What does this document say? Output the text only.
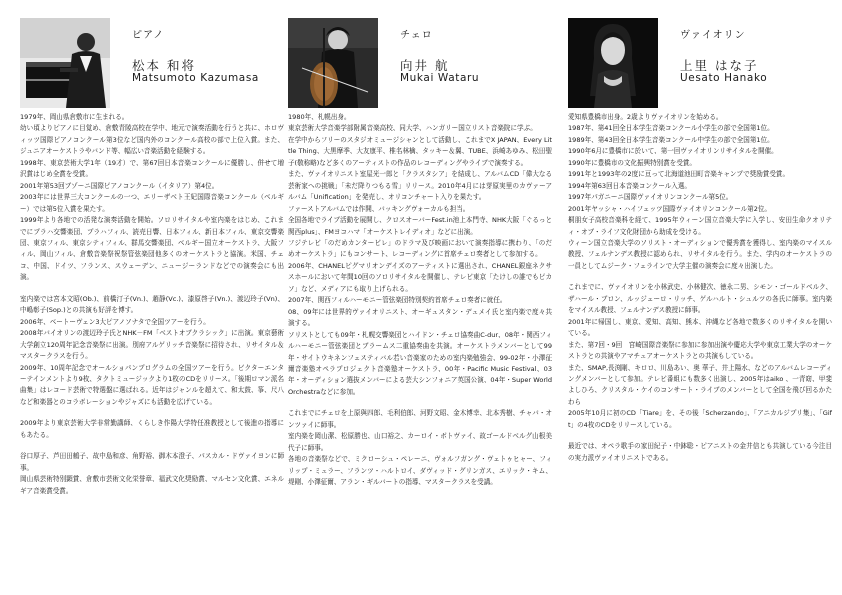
ピアノ
松本 和将
Matsumoto Kazumasa

1979年、岡山県倉敷市に生まれる。

幼い頃よりピアノに目覚め、倉敷青陵高校在学中、地元で演奏活動を行うと共に、ホロヴィッツ国際ピアノコンクール第3位など国内外のコンクール高校の部で上位入賞。また、ジュニアオーケストラやバンド等、幅広い音楽活動を経験する。

1998年、東京芸術大学1年（19才）で、第67回日本音楽コンクールに優勝し、併せて増沢賞はじめ全賞を受賞。

2001年第53回ブゾーニ国際ピアノコンクール（イタリア）第4位。

2003年には世界三大コンクールの一つ、エリーザベト王妃国際音楽コンクール（ベルギー）では第5位入賞を果たす。

1999年より各地での活発な演奏活動を開始。ソロリサイタルや室内楽をはじめ、これまでにプラハ交響楽団、プラハフィル、読売日響、日本フィル、新日本フィル、東京交響楽団、東京フィル、東京シティフィル、群馬交響楽団、ベルギー国立オーケストラ、大阪フィル、岡山フィル、倉敷音楽祭祝祭管弦楽団他多くのオーケストラと協演。米国、チェコ、中国、ドイツ、フランス、スウェーデン、ニュージーランドなどでの演奏会にも出演。

室内楽では宮本文昭(Ob.)、前橋汀子(Vn.)、趙静(Vc.)、漆原啓子(Vn.)、渡辺玲子(Vn)、中嶋彰子(Sop.)との共演も好評を博す。

2006年、ベートーヴェン3大ピアノソナタで全国ツアーを行う。

2008年バイオリンの渡辺玲子氏とNHK－FM「ベストオブクラシック」に出演。東京藝術大学創立120周年記念音楽祭に出演。別府アルゲリッチ音楽祭に招待され、リサイタル＆マスタークラスを行う。

2009年、10周年記念でオールショパンプログラムの全国ツアーを行う。ビクターエンターテインメントより9枚、タクトミュージックより1枚のCDをリリース。「後期ロマン派名曲集」はレコード芸術で特選盤に選ばれる。近年はジャンルを超えて、和太鼓、筝、尺八など和楽器とのコラボレーションやジャズにも活動を広げている。

2009年より東京芸術大学非常勤講師、くらしき作陽大学特任准教授として後進の指導にもあたる。

谷口厚子、芦田田鶴子、故中島和彦、角野裕、御木本澄子、パスカル・ドヴァイヨンに師事。

岡山県芸術特別顕賞、倉敷市芸術文化栄誉章、福武文化奨励賞、マルセン文化賞、エネルギア音楽賞受賞。

チェロ
向井 航
Mukai Wataru

1980年、札幌出身。

東京芸術大学音楽学部附属音楽高校、同大学、ハンガリー国立リスト音楽院に学ぶ。

在学中からフリーのスタジオミュージシャンとして活動し、これまでX JAPAN、Every Little Thing、大黒摩季、大友康平、椎名林檎、タッキー＆翼、TUBE、浜崎あゆみ、松田聖子(敬称略)など多くのアーティストの作品のレコーディングやライブで演奏する。

また、ヴァイオリニスト室屋光一郎と「クラスタシア」を結成し、アルバムCD「偉大なる芸術家への挑戦」「未だ降りつもる雪」リリース。2010年4月には芽原実里のカヴァーアルバム「Unification」を発売し、オリコンチャート入りを果たす。

ファーストアルバムでは作開、バッキングヴォーカルも担当。

全国各地でライブ活動を展開し、クロスオーバーFest.in池上本門寺、NHK大阪「ぐるっと関西plus」、FMヨコハマ「オーケストレイディオ」などに出演。

フジテレビ「のだめカンタービレ」のドラマ及び映画において演奏指導に携わり、「のだめオーケストラ」にもコンサート、レコーディングに首席チェロ奏者として参加する。

2006年、CHANELピグマリオンデイズのアーティストに選出され、CHANEL銀座ネクサスホールにおいて年間10回のソロリサイタルを開催し、テレビ東京「たけしの誰でもピカソ」など、メディアにも取り上げられる。

2007年、関西フィルハーモニー管弦楽団特別契約首席チェロ奏者に就任。

08、09年には世界的ヴァイオリニスト、オーギュスタン・デュメイ氏と室内楽で度々共演する。

ソリストとしても09年・札幌交響楽団とハイドン・チェロ協奏曲C-dur、08年・関西フィルハーモニー管弦楽団とブラームス二重協奏曲を共演。オーケストラメンバーとして99年・サイトウキネンフェスティバル若い音楽家のための室内楽勉強会、99-02年・小澤征爾音楽塾オペラプロジェクト音楽塾オーケストラ、00年・Pacific Music Festival、03年・オーディション選抜メンバーによる芸大シンフォニア英国公演、04年・Super World Orchestraなどに参加。

これまでにチェロを上原與四郎、毛利伯郎、河野文昭、金木博幸、北本秀樹、チャバ・オンツァイに師事。

室内楽を岡山潔、松原勝也、山口裕之、カーロイ・ボトヴァイ、故ゴールドベルグ山根美代子に師事。

各地の音楽祭などで、ミクローシュ・ペレーニ、ヴォルフガング・ヴェトゥヒャー、フィリップ・ミュラー、フランツ・ハルトロイ、ダヴィッド・グリンガス、エリック・キム、堤剛、小澤征爾、アラン・ギルバートの指導、マスタークラスを受講。

ヴァイオリン
上里 はな子
Uesato Hanako

愛知県豊橋市出身。2歳よりヴァイオリンを始める。

1987年、第41回全日本学生音楽コンクール小学生の部で全国第1位。

1989年、第43回全日本学生音楽コンクール中学生の部で全国第1位。

1990年6月に豊橋市に於いて、第一回ヴァイオリンリサイタルを開催。

1990年に豊橋市の文化振興特別賞を受賞。

1991年と1993年の2度に亘って北海道池田町音楽キャンプで奨励賞受賞。

1994年第63回日本音楽コンクール入選。

1997年パガニーニ国際ヴァイオリンコンクール第5位。

2001年ヤッシャ・ハイフェッツ国際ヴァイオリンコンクール第2位。

桐朋女子高校音楽科を経て、1995年ウィーン国立音楽大学に入学し、安田生命クオリティ・オブ・ライフ文化財団から助成を受ける。

ウィーン国立音楽大学のソリスト・オーディションで優秀賞を獲得し、室内楽のマイスル教授、フェルナンデス教授に認められ、リサイタルを行う。また、学内のオーケストラの一員としてムジーク・フェラインで大学主催の演奏会に度々出演した。

これまでに、ヴァイオリンを小林武史、小林健次、徳永二男、シモン・ゴールドベルク、ザハール・ブロン、ルッジェーロ・リッチ、ゲルハルト・シュルツの各氏に師事。室内楽をマイスル教授、フェルナンデス教授に師事。

2001年に帰国し、東京、愛知、高知、熊本、沖縄など各地で数多くのリサイタルを開いている。

また、第7回・9回　宮崎国際音楽祭に参加に参加出演や慶応大学や東京工業大学のオーケストラとの共演やアマチュアオーケストラとの共演もしている。

また、SMAP,長渕剛、キロロ、川島あい、奥 華子、井上陽水、などのアルバムレコーディングメンバーとして参加。テレビ番組にも数多く出演し、2005年はaiko 、一青窈、甲斐よしひろ、クリスタル・ケイのコンサート・ライブのメンバーとして全国を飛び回るかたわら

2005年10月に初のCD「Tiare」を、その後「Scherzando」、「アニカルジプリ集」、「Gift」の4枚のCDをリリースしている。

最近では、オペラ歌手の家田紀子・中鉢聡・ピアニストの金井信とも共演している今注目の実力派ヴァイオリニストである。
